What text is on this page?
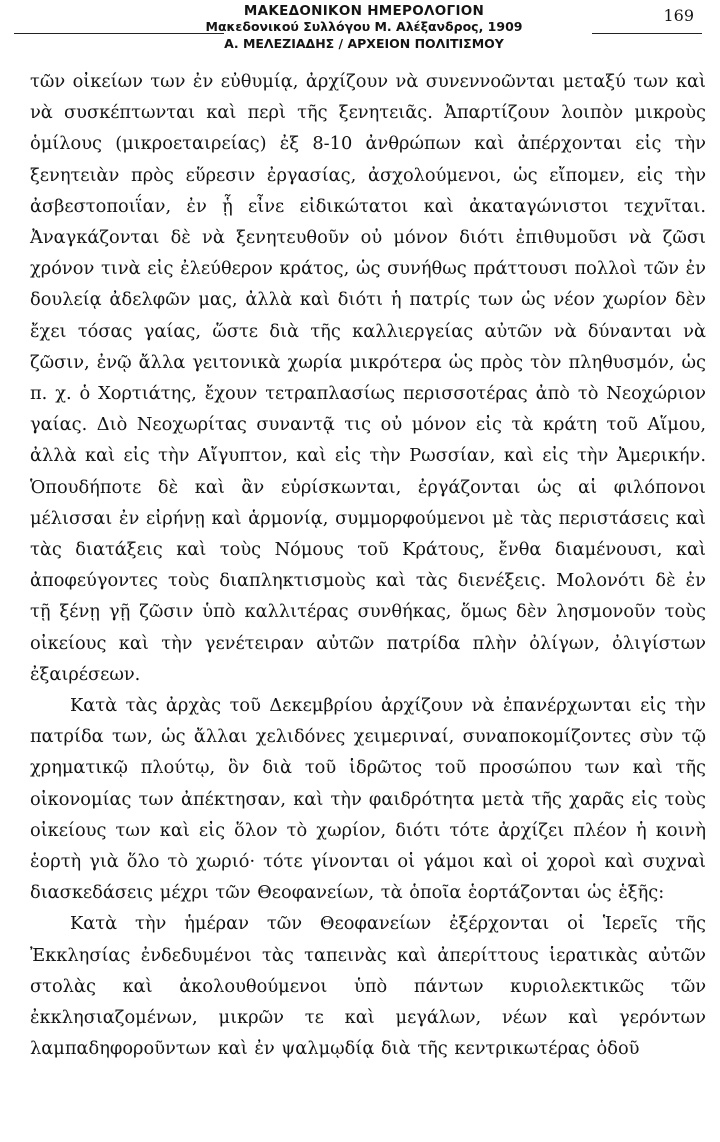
ΜΑΚΕΔΟΝΙΚΟΝ ΗΜΕΡΟΛΟΓΙΟΝ
Μακεδονικού Συλλόγου Μ. Αλέξανδρος, 1909
Α. ΜΕΛΕΖΙΑΔΗΣ / ΑΡΧΕΙΟΝ ΠΟΛΙΤΙΣΜΟΥ
169

τῶν οἰκείων των ἐν εὐθυμίᾳ, ἀρχίζουν νὰ συνεννοῶνται μεταξύ των καὶ νὰ συσκέπτωνται καὶ περὶ τῆς ξενητειᾶς. Ἀπαρτίζουν λοιπὸν μικροὺς ὁμίλους (μικροεταιρείας) ἐξ 8-10 ἀνθρώπων καὶ ἀπέρχονται εἰς τὴν ξενητειὰν πρὸς εὕρεσιν ἐργασίας, ἀσχολούμενοι, ὡς εἴπομεν, εἰς τὴν ἀσβεστοποιΐαν, ἐν ᾗ εἶνε εἰδικώτατοι καὶ ἀκαταγώνιστοι τεχνῖται. Ἀναγκάζονται δὲ νὰ ξενητευθοῦν οὐ μόνον διότι ἐπιθυμοῦσι νὰ ζῶσι χρόνον τινὰ εἰς ἐλεύθερον κράτος, ὡς συνήθως πράττουσι πολλοὶ τῶν ἐν δουλείᾳ ἀδελφῶν μας, ἀλλὰ καὶ διότι ἡ πατρίς των ὡς νέον χωρίον δὲν ἔχει τόσας γαίας, ὥστε διὰ τῆς καλλιεργείας αὐτῶν νὰ δύνανται νὰ ζῶσιν, ἐνῷ ἄλλα γειτονικὰ χωρία μικρότερα ὡς πρὸς τὸν πληθυσμόν, ὡς π. χ. ὁ Χορτιάτης, ἔχουν τετραπλασίως περισσοτέρας ἀπὸ τὸ Νεοχώριον γαίας. Διὸ Νεοχωρίτας συναντᾷ τις οὐ μόνον εἰς τὰ κράτη τοῦ Αἵμου, ἀλλὰ καὶ εἰς τὴν Αἴγυπτον, καὶ εἰς τὴν Ρωσσίαν, καὶ εἰς τὴν Ἀμερικήν. Ὁπουδήποτε δὲ καὶ ἂν εὑρίσκωνται, ἐργάζονται ὡς αἱ φιλόπονοι μέλισσαι ἐν εἰρήνῃ καὶ ἁρμονίᾳ, συμμορφούμενοι μὲ τὰς περιστάσεις καὶ τὰς διατάξεις καὶ τοὺς Νόμους τοῦ Κράτους, ἔνθα διαμένουσι, καὶ ἀποφεύγοντες τοὺς διαπληκτισμοὺς καὶ τὰς διενέξεις. Μολονότι δὲ ἐν τῇ ξένῃ γῇ ζῶσιν ὑπὸ καλλιτέρας συνθήκας, ὅμως δὲν λησμονοῦν τοὺς οἰκείους καὶ τὴν γενέτειραν αὐτῶν πατρίδα πλὴν ὀλίγων, ὀλιγίστων ἐξαιρέσεων.

Κατὰ τὰς ἀρχὰς τοῦ Δεκεμβρίου ἀρχίζουν νὰ ἐπανέρχωνται εἰς τὴν πατρίδα των, ὡς ἄλλαι χελιδόνες χειμεριναί, συναποκομίζοντες σὺν τῷ χρηματικῷ πλούτῳ, ὃν διὰ τοῦ ἱδρῶτος τοῦ προσώπου των καὶ τῆς οἰκονομίας των ἀπέκτησαν, καὶ τὴν φαιδρότητα μετὰ τῆς χαρᾶς εἰς τοὺς οἰκείους των καὶ εἰς ὅλον τὸ χωρίον, διότι τότε ἀρχίζει πλέον ἡ κοινὴ ἑορτὴ γιὰ ὅλο τὸ χωριό· τότε γίνονται οἱ γάμοι καὶ οἱ χοροὶ καὶ συχναὶ διασκεδάσεις μέχρι τῶν Θεοφανείων, τὰ ὁποῖα ἑορτάζονται ὡς ἑξῆς:

Κατὰ τὴν ἡμέραν τῶν Θεοφανείων ἐξέρχονται οἱ Ἱερεῖς τῆς Ἐκκλησίας ἐνδεδυμένοι τὰς ταπεινὰς καὶ ἀπερίττους ἱερατικὰς αὐτῶν στολὰς καὶ ἀκολουθούμενοι ὑπὸ πάντων κυριολεκτικῶς τῶν ἐκκλησιαζομένων, μικρῶν τε καὶ μεγάλων, νέων καὶ γερόντων λαμπαδηφοροῦντων καὶ ἐν ψαλμῳδίᾳ διὰ τῆς κεντρικωτέρας ὁδοῦ
